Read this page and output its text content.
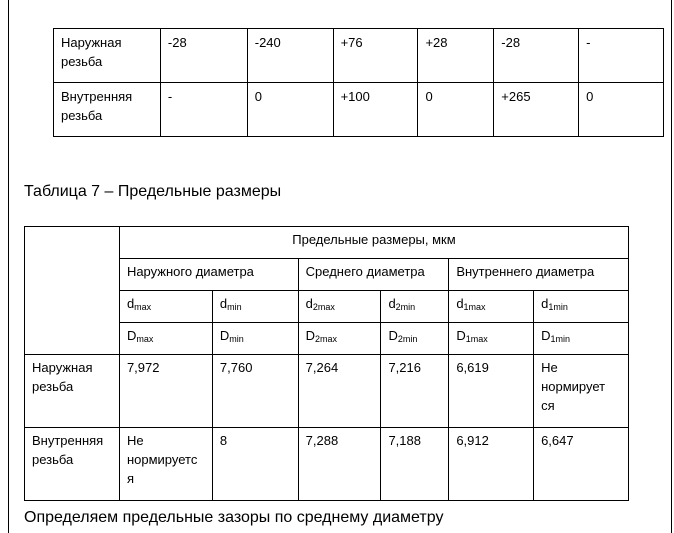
Наружная резьба	-28	-240	+76	+28	-28	-
Внутренняя резьба	-	0	+100	0	+265	0
Таблица 7 – Предельные размеры
	Предельные размеры, мкм					
	Наружного диаметра		Среднего диаметра		Внутреннего диаметра	
	$d_{max}$	$d_{min}$	$d_{2max}$	$d_{2min}$	$d_{1max}$	$d_{1min}$
	$D_{max}$	$D_{min}$	$D_{2max}$	$D_{2min}$	$D_{1max}$	$D_{1min}$
Наружная резьба	7,972	7,760	7,264	7,216	6,619	Не нормирует ся
Внутренняя резьба	Не нормируетс я	8	7,288	7,188	6,912	6,647
Определяем предельные зазоры по среднему диаметру
